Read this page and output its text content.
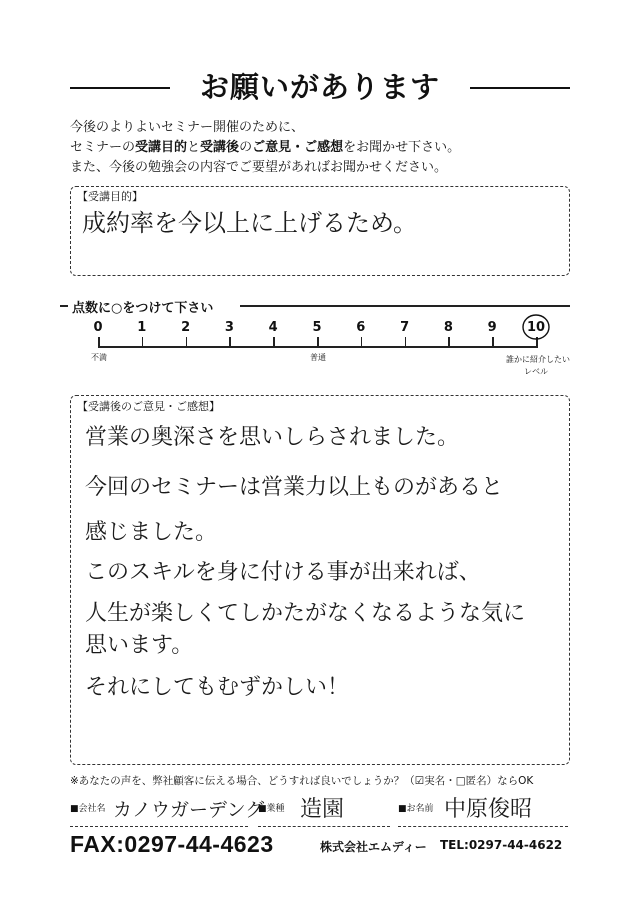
お願いがあります
今後のよりよいセミナー開催のために、
セミナーの受講目的と受講後のご意見・ご感想をお聞かせ下さい。
また、今後の勉強会の内容でご要望があればお聞かせください。
【受講目的】
成約率を今以上に上げるため。
点数に○をつけて下さい
0	1	2	3	4	5	6	7	8	9	10
不満	普通	誰かに紹介したい
レベル
【受講後のご意見・ご感想】
営業の奥深さを思いしらされました。
今回のセミナーは営業力以上ものがあると
感じました。
このスキルを身に付ける事が出来れば、
人生が楽しくてしかたがなくなるような気に
思います。
それにしてもむずかしい！
※あなたの声を、弊社顧客に伝える場合、どうすれば良いでしょうか？（☑実名・□匿名）ならOK
■会社名 カノウガーデング
■業種 造園	■お名前 中原俊昭
FAX:0297-44-4623	株式会社エムディー TEL:0297-44-4622
